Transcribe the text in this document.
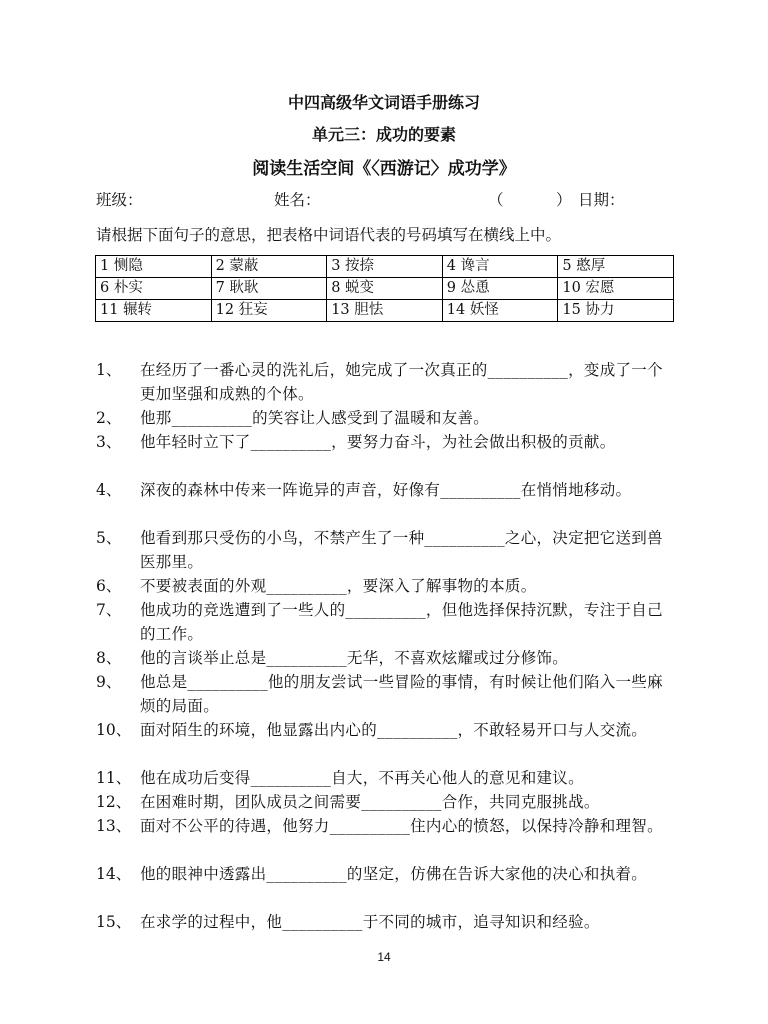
中四高级华文词语手册练习
单元三：成功的要素
阅读生活空间《〈西游记〉成功学》
班级：	姓名：	（	） 日期：
请根据下面句子的意思，把表格中词语代表的号码填写在横线上中。
1 恻隐	2 蒙蔽	3 按捺	4 谗言	5 憨厚
6 朴实	7 耿耿	8 蜕变	9 怂恿	10 宏愿
11 辗转	12 狂妄	13 胆怯	14 妖怪	15 协力
1、	在经历了一番心灵的洗礼后，她完成了一次真正的__________，变成了一个更加坚强和成熟的个体。
2、	他那__________的笑容让人感受到了温暖和友善。
3、	他年轻时立下了__________，要努力奋斗，为社会做出积极的贡献。
4、	深夜的森林中传来一阵诡异的声音，好像有__________在悄悄地移动。
5、	他看到那只受伤的小鸟，不禁产生了一种__________之心，决定把它送到兽医那里。
6、	不要被表面的外观__________，要深入了解事物的本质。
7、	他成功的竞选遭到了一些人的__________，但他选择保持沉默，专注于自己的工作。
8、	他的言谈举止总是__________无华，不喜欢炫耀或过分修饰。
9、	他总是__________他的朋友尝试一些冒险的事情，有时候让他们陷入一些麻烦的局面。
10、 面对陌生的环境，他显露出内心的__________，不敢轻易开口与人交流。
11、 他在成功后变得__________自大，不再关心他人的意见和建议。
12、 在困难时期，团队成员之间需要__________合作，共同克服挑战。
13、 面对不公平的待遇，他努力__________住内心的愤怒，以保持冷静和理智。
14、 他的眼神中透露出__________的坚定，仿佛在告诉大家他的决心和执着。
15、 在求学的过程中，他__________于不同的城市，追寻知识和经验。
14
